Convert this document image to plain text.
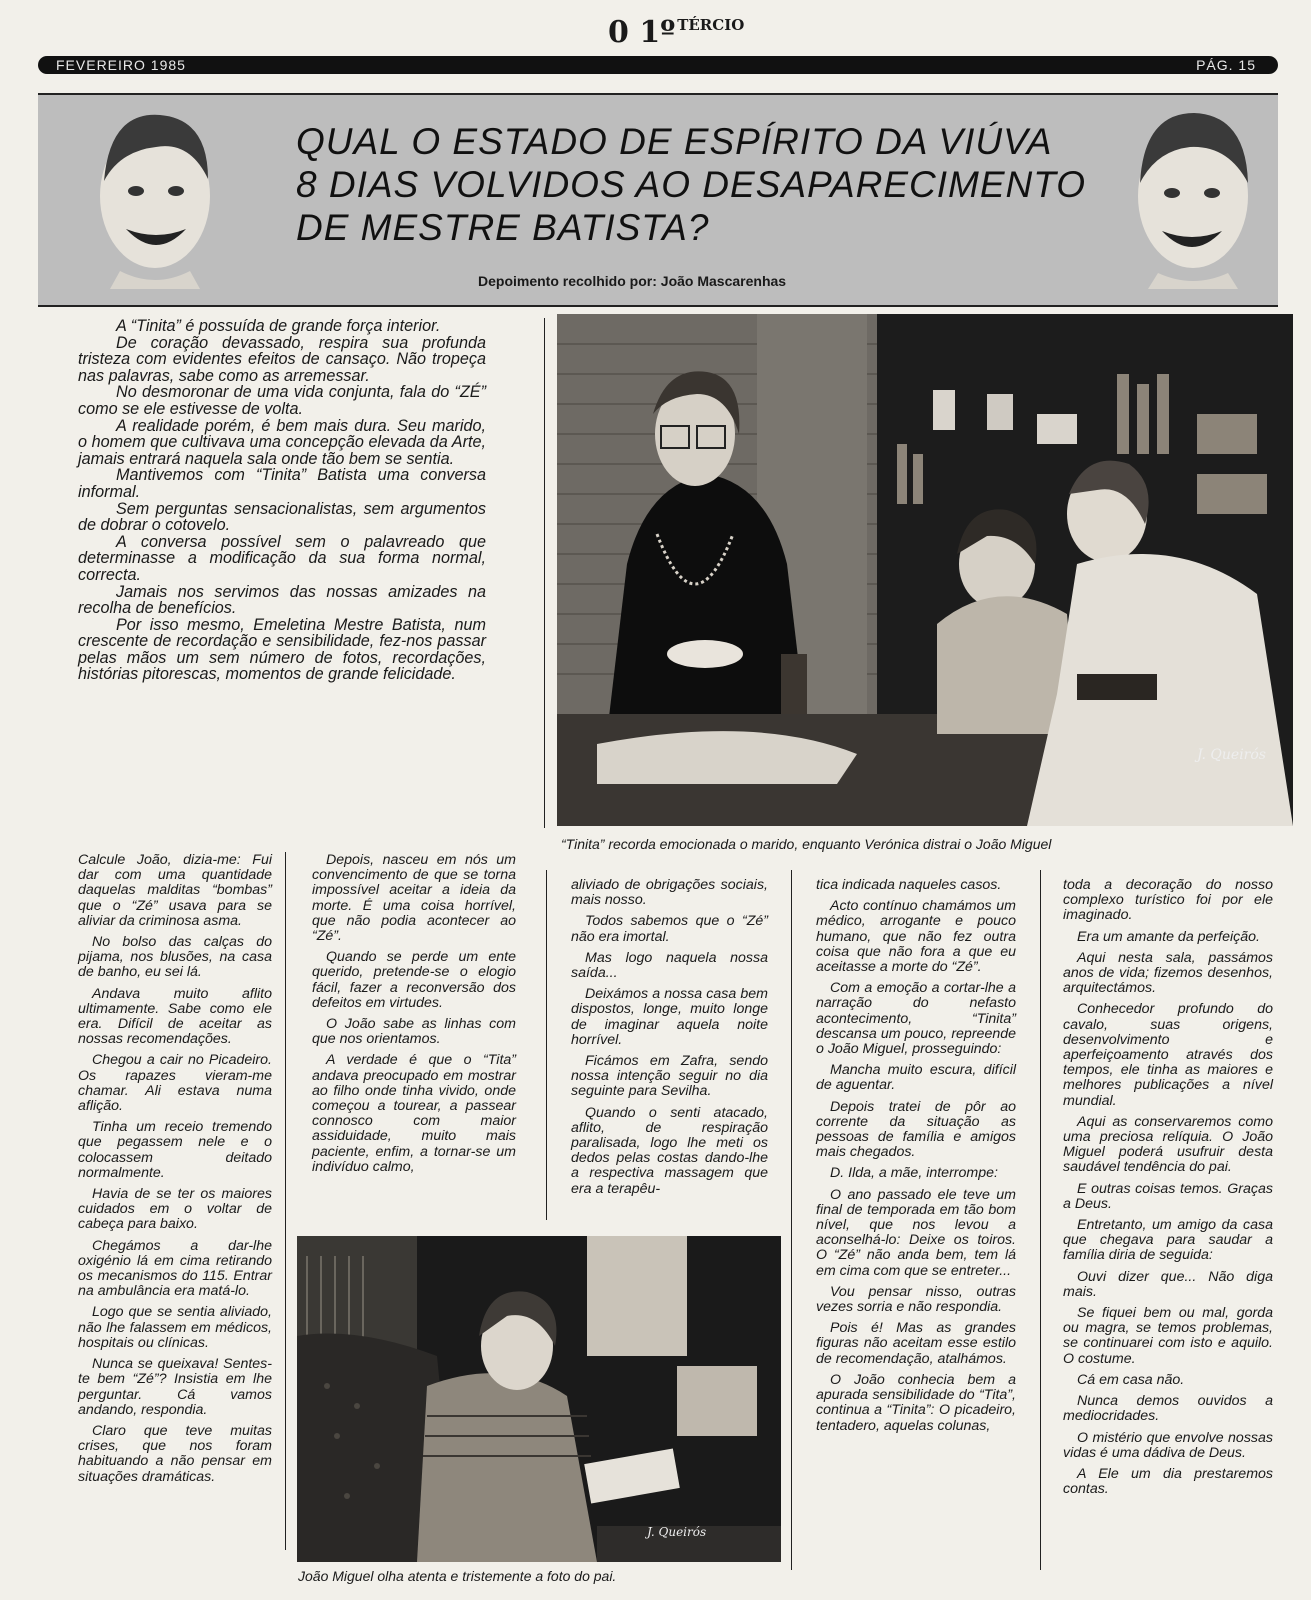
0 1º $^{TÉRCIO}$
FEVEREIRO 1985	PÁG. 15
QUAL O ESTADO DE ESPÍRITO DA VIÚVA
8 DIAS VOLVIDOS AO DESAPARECIMENTO
DE MESTRE BATISTA?
Depoimento recolhido por: João Mascarenhas

A “Tinita” é possuída de grande força interior.

De coração devassado, respira sua profunda tristeza com evidentes efeitos de cansaço. Não tropeça nas palavras, sabe como as arremessar.

No desmoronar de uma vida conjunta, fala do “ZÉ” como se ele estivesse de volta.

A realidade porém, é bem mais dura. Seu marido, o homem que cultivava uma concepção elevada da Arte, jamais entrará naquela sala onde tão bem se sentia.

Mantivemos com “Tinita” Batista uma conversa informal.

Sem perguntas sensacionalistas, sem argumentos de dobrar o cotovelo.

A conversa possível sem o palavreado que determinasse a modificação da sua forma normal, correcta.

Jamais nos servimos das nossas amizades na recolha de benefícios.

Por isso mesmo, Emeletina Mestre Batista, num crescente de recordação e sensibilidade, fez-nos passar pelas mãos um sem número de fotos, recordações, histórias pitorescas, momentos de grande felicidade.

J. Queirós
“Tinita” recorda emocionada o marido, enquanto Verónica distrai o João Miguel

Calcule João, dizia-me: Fui dar com uma quantidade daquelas malditas “bombas” que o “Zé” usava para se aliviar da criminosa asma.

No bolso das calças do pijama, nos blusões, na casa de banho, eu sei lá.

Andava muito aflito ultimamente. Sabe como ele era. Difícil de aceitar as nossas recomendações.

Chegou a cair no Picadeiro. Os rapazes vieram-me chamar. Ali estava numa aflição.

Tinha um receio tremendo que pegassem nele e o colocassem deitado normalmente.

Havia de se ter os maiores cuidados em o voltar de cabeça para baixo.

Chegámos a dar-lhe oxigénio lá em cima retirando os mecanismos do 115. Entrar na ambulância era matá-lo.

Logo que se sentia aliviado, não lhe falassem em médicos, hospitais ou clínicas.

Nunca se queixava! Sentes-te bem “Zé”? Insistia em lhe perguntar. Cá vamos andando, respondia.

Claro que teve muitas crises, que nos foram habituando a não pensar em situações dramáticas.

Depois, nasceu em nós um convencimento de que se torna impossível aceitar a ideia da morte. É uma coisa horrível, que não podia acontecer ao “Zé”.

Quando se perde um ente querido, pretende-se o elogio fácil, fazer a reconversão dos defeitos em virtudes.

O João sabe as linhas com que nos orientamos.

A verdade é que o “Tita” andava preocupado em mostrar ao filho onde tinha vivido, onde começou a tourear, a passear connosco com maior assiduidade, muito mais paciente, enfim, a tornar-se um indivíduo calmo,

aliviado de obrigações sociais, mais nosso.

Todos sabemos que o “Zé” não era imortal.

Mas logo naquela nossa saída...

Deixámos a nossa casa bem dispostos, longe, muito longe de imaginar aquela noite horrível.

Ficámos em Zafra, sendo nossa intenção seguir no dia seguinte para Sevilha.

Quando o senti atacado, aflito, de respiração paralisada, logo lhe meti os dedos pelas costas dando-lhe a respectiva massagem que era a terapêu-

J. Queirós
João Miguel olha atenta e tristemente a foto do pai.

tica indicada naqueles casos.

Acto contínuo chamámos um médico, arrogante e pouco humano, que não fez outra coisa que não fora a que eu aceitasse a morte do “Zé”.

Com a emoção a cortar-lhe a narração do nefasto acontecimento, “Tinita” descansa um pouco, repreende o João Miguel, prosseguindo:

Mancha muito escura, difícil de aguentar.

Depois tratei de pôr ao corrente da situação as pessoas de família e amigos mais chegados.

D. Ilda, a mãe, interrompe:

O ano passado ele teve um final de temporada em tão bom nível, que nos levou a aconselhá-lo: Deixe os toiros. O “Zé” não anda bem, tem lá em cima com que se entreter...

Vou pensar nisso, outras vezes sorria e não respondia.

Pois é! Mas as grandes figuras não aceitam esse estilo de recomendação, atalhámos.

O João conhecia bem a apurada sensibilidade do “Tita”, continua a “Tinita”: O picadeiro, tentadero, aquelas colunas,

toda a decoração do nosso complexo turístico foi por ele imaginado.

Era um amante da perfeição.

Aqui nesta sala, passámos anos de vida; fizemos desenhos, arquitectámos.

Conhecedor profundo do cavalo, suas origens, desenvolvimento e aperfeiçoamento através dos tempos, ele tinha as maiores e melhores publicações a nível mundial.

Aqui as conservaremos como uma preciosa relíquia. O João Miguel poderá usufruir desta saudável tendência do pai.

E outras coisas temos. Graças a Deus.

Entretanto, um amigo da casa que chegava para saudar a família diria de seguida:

Ouvi dizer que... Não diga mais.

Se fiquei bem ou mal, gorda ou magra, se temos problemas, se continuarei com isto e aquilo. O costume.

Cá em casa não.

Nunca demos ouvidos a mediocridades.

O mistério que envolve nossas vidas é uma dádiva de Deus.

A Ele um dia prestaremos contas.
